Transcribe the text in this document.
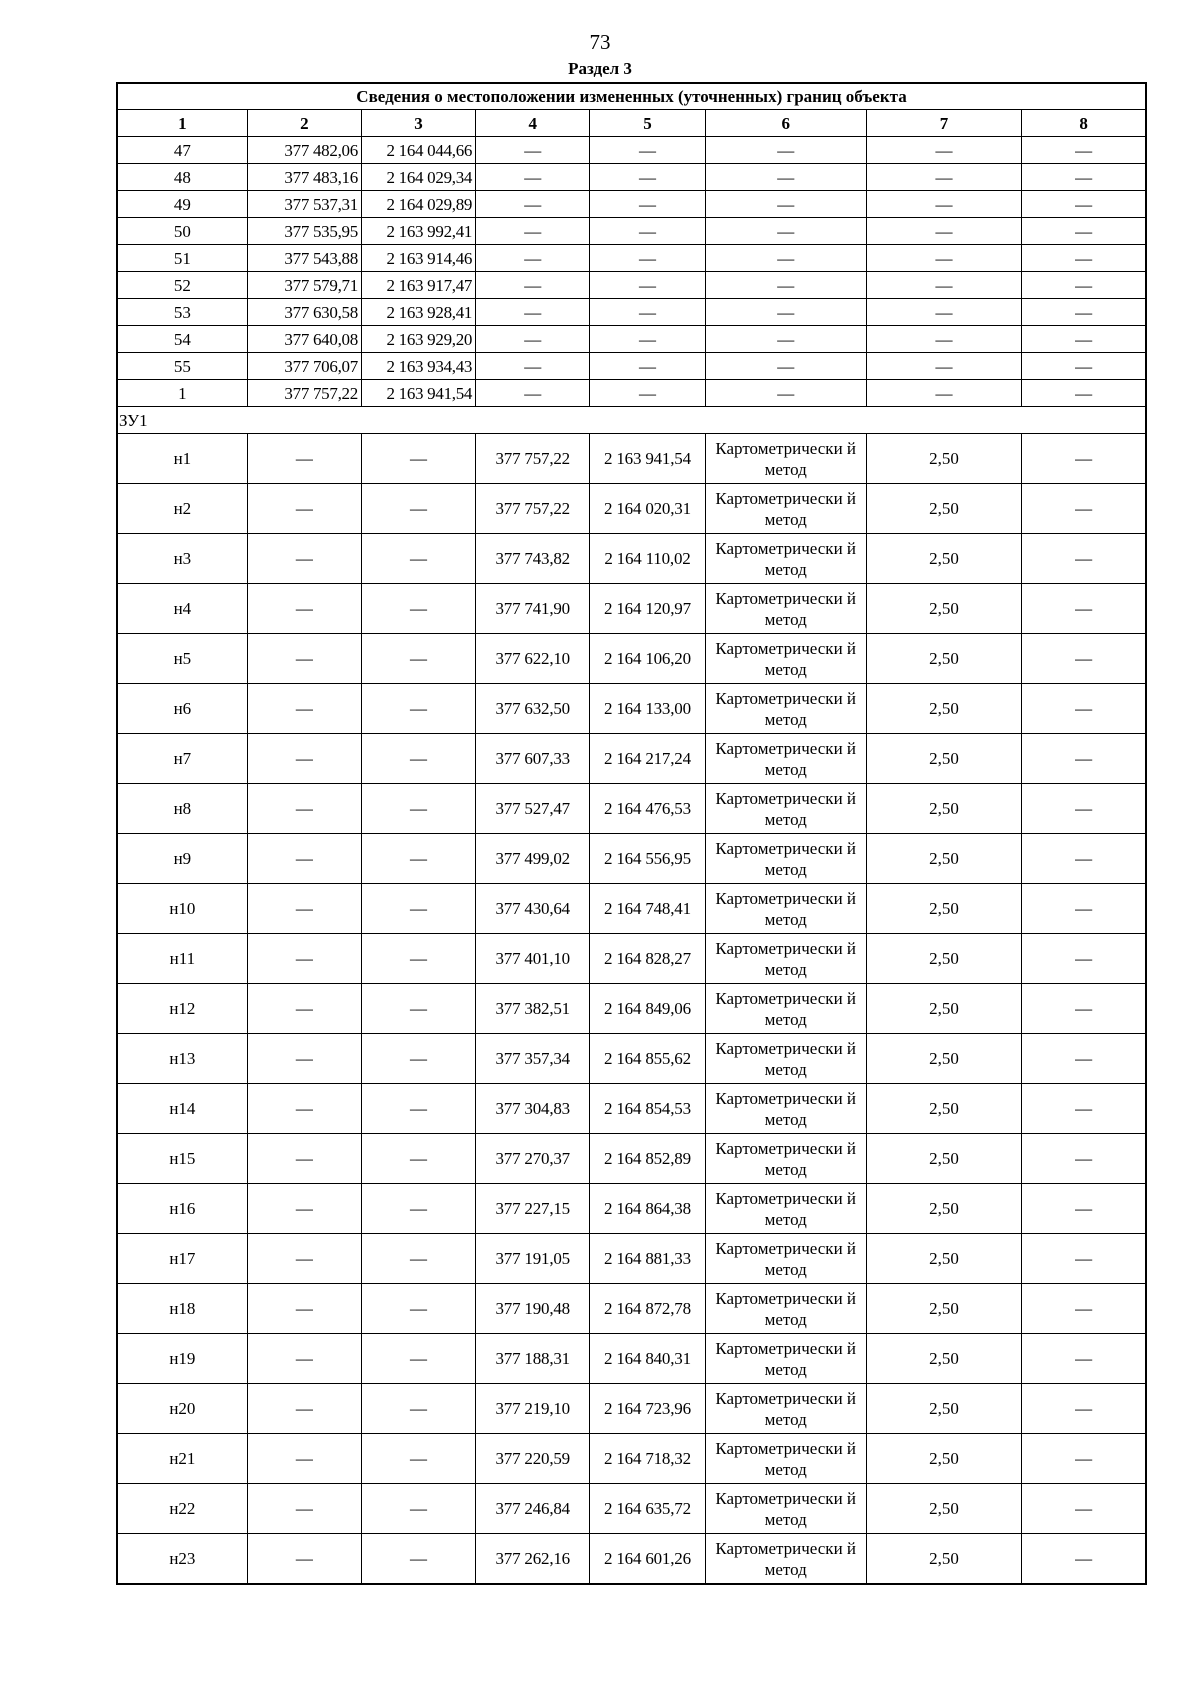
73
Раздел 3
Сведения о местоположении измененных (уточненных) границ объекта							
1	2	3	4	5	6	7	8
47	377 482,06	2 164 044,66	—	—	—	—	—
48	377 483,16	2 164 029,34	—	—	—	—	—
49	377 537,31	2 164 029,89	—	—	—	—	—
50	377 535,95	2 163 992,41	—	—	—	—	—
51	377 543,88	2 163 914,46	—	—	—	—	—
52	377 579,71	2 163 917,47	—	—	—	—	—
53	377 630,58	2 163 928,41	—	—	—	—	—
54	377 640,08	2 163 929,20	—	—	—	—	—
55	377 706,07	2 163 934,43	—	—	—	—	—
1	377 757,22	2 163 941,54	—	—	—	—	—
ЗУ1							
н1	—	—	377 757,22	2 163 941,54	Картометрически й метод	2,50	—
н2	—	—	377 757,22	2 164 020,31	Картометрически й метод	2,50	—
н3	—	—	377 743,82	2 164 110,02	Картометрически й метод	2,50	—
н4	—	—	377 741,90	2 164 120,97	Картометрически й метод	2,50	—
н5	—	—	377 622,10	2 164 106,20	Картометрически й метод	2,50	—
н6	—	—	377 632,50	2 164 133,00	Картометрически й метод	2,50	—
н7	—	—	377 607,33	2 164 217,24	Картометрически й метод	2,50	—
н8	—	—	377 527,47	2 164 476,53	Картометрически й метод	2,50	—
н9	—	—	377 499,02	2 164 556,95	Картометрически й метод	2,50	—
н10	—	—	377 430,64	2 164 748,41	Картометрически й метод	2,50	—
н11	—	—	377 401,10	2 164 828,27	Картометрически й метод	2,50	—
н12	—	—	377 382,51	2 164 849,06	Картометрически й метод	2,50	—
н13	—	—	377 357,34	2 164 855,62	Картометрически й метод	2,50	—
н14	—	—	377 304,83	2 164 854,53	Картометрически й метод	2,50	—
н15	—	—	377 270,37	2 164 852,89	Картометрически й метод	2,50	—
н16	—	—	377 227,15	2 164 864,38	Картометрически й метод	2,50	—
н17	—	—	377 191,05	2 164 881,33	Картометрически й метод	2,50	—
н18	—	—	377 190,48	2 164 872,78	Картометрически й метод	2,50	—
н19	—	—	377 188,31	2 164 840,31	Картометрически й метод	2,50	—
н20	—	—	377 219,10	2 164 723,96	Картометрически й метод	2,50	—
н21	—	—	377 220,59	2 164 718,32	Картометрически й метод	2,50	—
н22	—	—	377 246,84	2 164 635,72	Картометрически й метод	2,50	—
н23	—	—	377 262,16	2 164 601,26	Картометрически й метод	2,50	—
